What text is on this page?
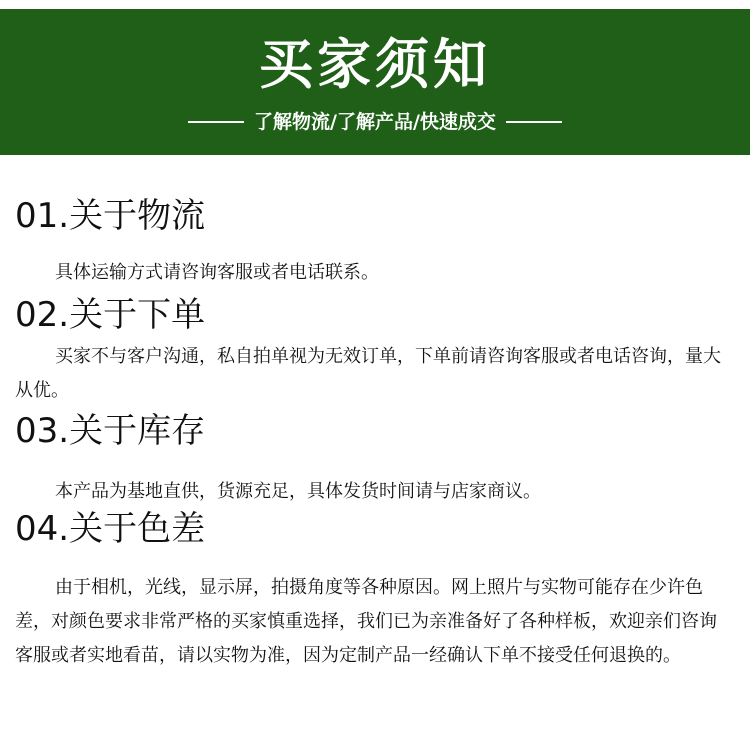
买家须知
了解物流/了解产品/快速成交
01.关于物流
具体运输方式请咨询客服或者电话联系。
02.关于下单
买家不与客户沟通，私自拍单视为无效订单，下单前请咨询客服或者电话咨询，量大从优。
03.关于库存
本产品为基地直供，货源充足，具体发货时间请与店家商议。
04.关于色差
由于相机，光线，显示屏，拍摄角度等各种原因。网上照片与实物可能存在少许色差，对颜色要求非常严格的买家慎重选择，我们已为亲准备好了各种样板，欢迎亲们咨询客服或者实地看苗，请以实物为准，因为定制产品一经确认下单不接受任何退换的。
